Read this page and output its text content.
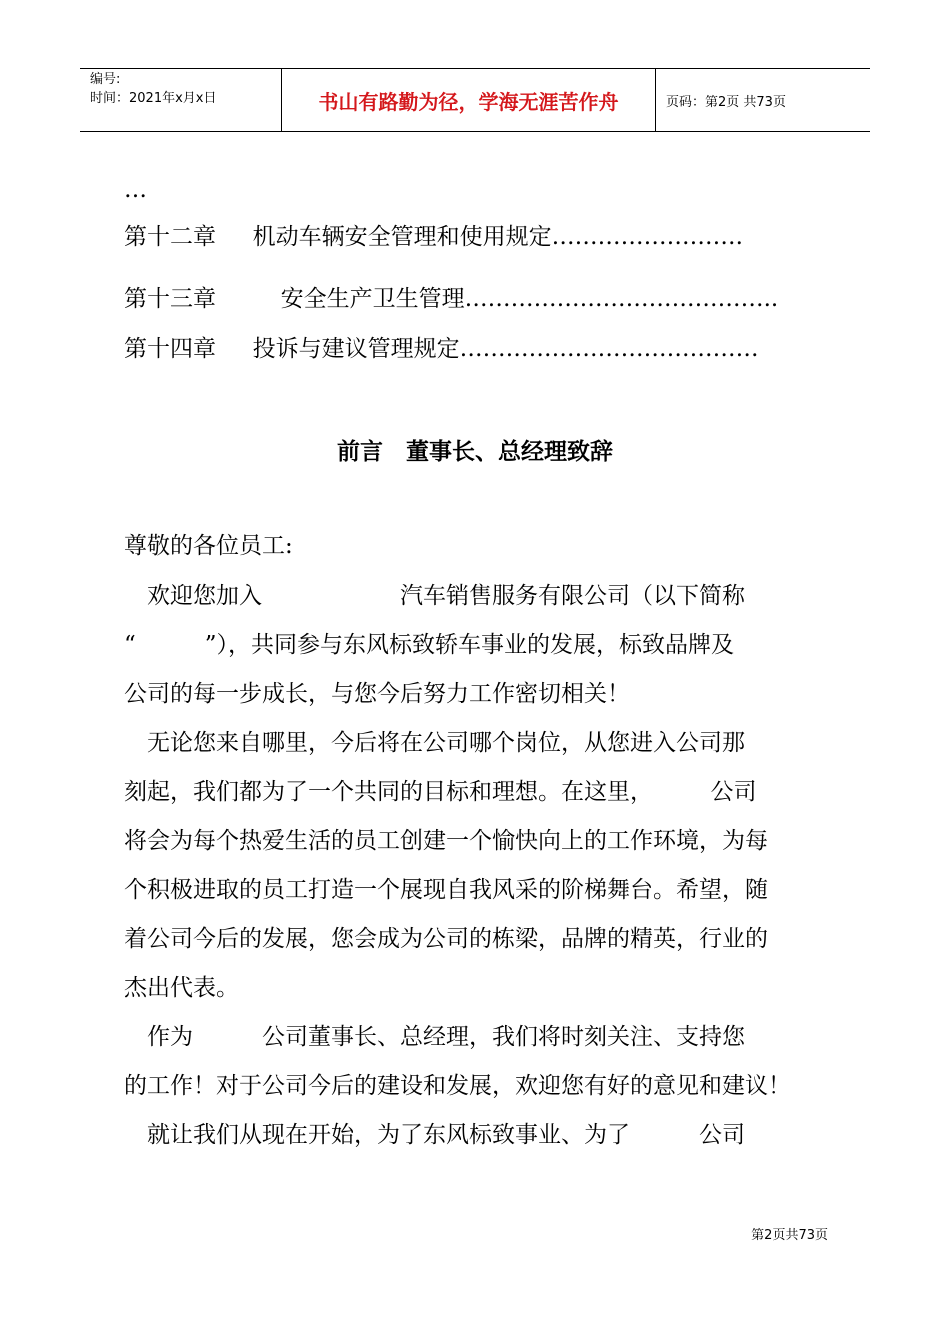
编号:
时间：2021年x月x日	书山有路勤为径，学海无涯苦作舟	页码：第2页 共73页
…
第十二章 机动车辆安全管理和使用规定…………………….
第十三章	安全生产卫生管理…………………………………..
第十四章 投诉与建议管理规定…………………………………
前言　董事长、总经理致辞
尊敬的各位员工:
　欢迎您加入　　　　　　汽车销售服务有限公司（以下简称
“　　　”），共同参与东风标致轿车事业的发展，标致品牌及
公司的每一步成长，与您今后努力工作密切相关！
　无论您来自哪里，今后将在公司哪个岗位，从您进入公司那
刻起，我们都为了一个共同的目标和理想。在这里，　　　公司
将会为每个热爱生活的员工创建一个愉快向上的工作环境，为每
个积极进取的员工打造一个展现自我风采的阶梯舞台。希望，随
着公司今后的发展，您会成为公司的栋梁，品牌的精英，行业的
杰出代表。
　作为　　　公司董事长、总经理，我们将时刻关注、支持您
的工作！对于公司今后的建设和发展，欢迎您有好的意见和建议！
　就让我们从现在开始，为了东风标致事业、为了　　　公司
第2页共73页
